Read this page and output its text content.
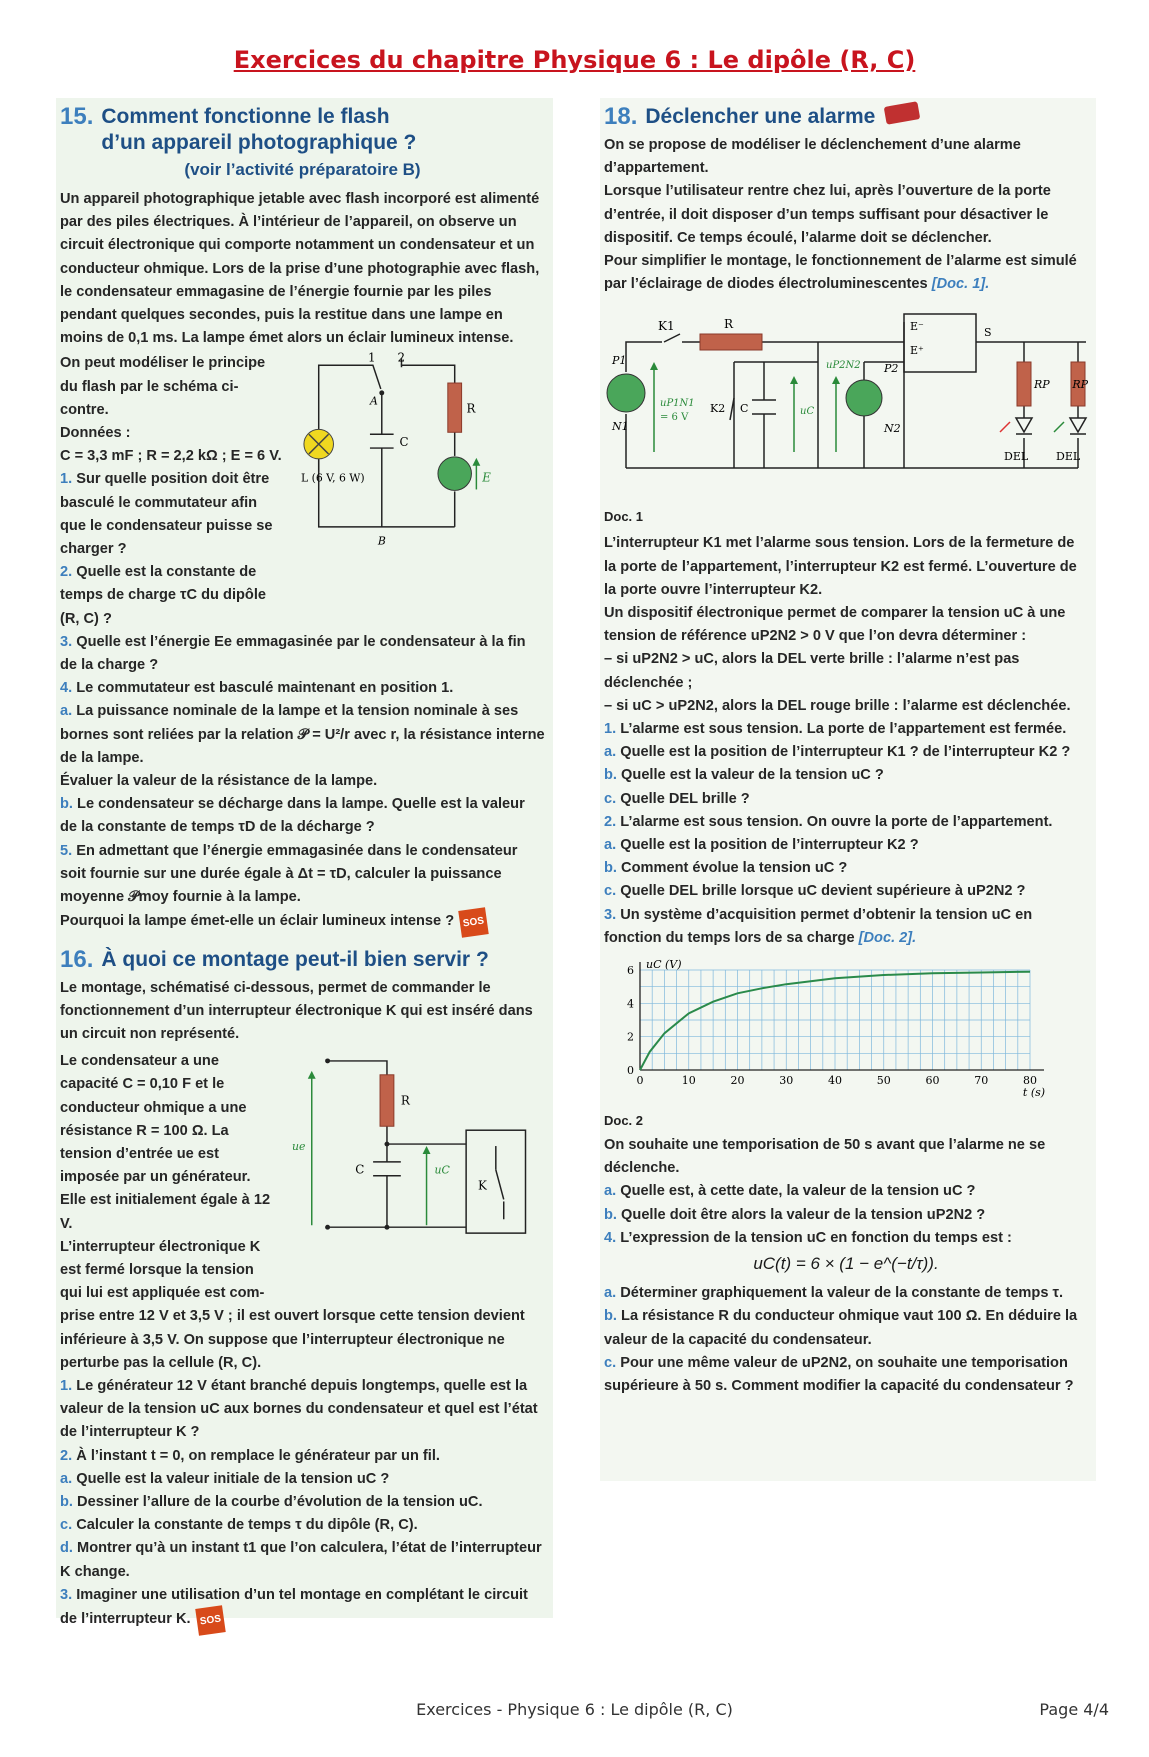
Exercices du chapitre Physique 6 : Le dipôle (R, C)
15. Comment fonctionne le flash
d’un appareil photographique ?
(voir l’activité préparatoire B)

Un appareil photographique jetable avec flash incorporé est alimenté par des piles électriques. À l’intérieur de l’appareil, on observe un circuit électronique qui comporte notamment un condensateur et un conducteur ohmique. Lors de la prise d’une photographie avec flash, le condensateur emmagasine de l’énergie fournie par les piles pendant quelques secondes, puis la restitue dans une lampe en moins de 0,1 ms. La lampe émet alors un éclair lumineux intense.

On peut modéliser le principe du flash par le schéma ci-contre.

Données :

C = 3,3 mF ; R = 2,2 kΩ ; E = 6 V.

1. Sur quelle position doit être basculé le commutateur afin que le condensateur puisse se charger ?

2. Quelle est la constante de temps de charge τC du dipôle (R, C) ?

1 2
A
B
C
R
L (6 V, 6 W)	E

3. Quelle est l’énergie Ee emmagasinée par le condensateur à la fin de la charge ?

4. Le commutateur est basculé maintenant en position 1.

a. La puissance nominale de la lampe et la tension nominale à ses bornes sont reliées par la relation 𝒫 = U²/r avec r, la résistance interne de la lampe.

Évaluer la valeur de la résistance de la lampe.

b. Le condensateur se décharge dans la lampe. Quelle est la valeur de la constante de temps τD de la décharge ?

5. En admettant que l’énergie emmagasinée dans le condensateur soit fournie sur une durée égale à Δt = τD, calculer la puissance moyenne 𝒫moy fournie à la lampe.

Pourquoi la lampe émet-elle un éclair lumineux intense ? SOS

16. À quoi ce montage peut-il bien servir ?

Le montage, schématisé ci-dessous, permet de commander le fonctionnement d’un interrupteur électronique K qui est inséré dans un circuit non représenté.

Le condensateur a une capacité C = 0,10 F et le conducteur ohmique a une résistance R = 100 Ω. La tension d’entrée ue est imposée par un générateur. Elle est initialement égale à 12 V.

L’interrupteur électronique K est fermé lorsque la tension qui lui est appliquée est com-

ue
R
C	uC
K

prise entre 12 V et 3,5 V ; il est ouvert lorsque cette tension devient inférieure à 3,5 V. On suppose que l’interrupteur électronique ne perturbe pas la cellule (R, C).

1. Le générateur 12 V étant branché depuis longtemps, quelle est la valeur de la tension uC aux bornes du condensateur et quel est l’état de l’interrupteur K ?

2. À l’instant t = 0, on remplace le générateur par un fil.

a. Quelle est la valeur initiale de la tension uC ?

b. Dessiner l’allure de la courbe d’évolution de la tension uC.

c. Calculer la constante de temps τ du dipôle (R, C).

d. Montrer qu’à un instant t1 que l’on calculera, l’état de l’interrupteur K change.

3. Imaginer une utilisation d’un tel montage en complétant le circuit de l’interrupteur K. SOS

18. Déclencher une alarme

On se propose de modéliser le déclenchement d’une alarme d’appartement.

Lorsque l’utilisateur rentre chez lui, après l’ouverture de la porte d’entrée, il doit disposer d’un temps suffisant pour désactiver le dispositif. Ce temps écoulé, l’alarme doit se déclencher.

Pour simplifier le montage, le fonctionnement de l’alarme est simulé par l’éclairage de diodes électroluminescentes [Doc. 1].

K1	R
P1
N1
uP1N1
= 6 V
K2 C	uC
uP2N2 P2
N2
E⁻
E⁺
S
RP RP
DEL	DEL
Doc. 1

L’interrupteur K1 met l’alarme sous tension. Lors de la fermeture de la porte de l’appartement, l’interrupteur K2 est fermé. L’ouverture de la porte ouvre l’interrupteur K2.

Un dispositif électronique permet de comparer la tension uC à une tension de référence uP2N2 > 0 V que l’on devra déterminer :

– si uP2N2 > uC, alors la DEL verte brille : l’alarme n’est pas déclenchée ;

– si uC > uP2N2, alors la DEL rouge brille : l’alarme est déclenchée.

1. L’alarme est sous tension. La porte de l’appartement est fermée.

a. Quelle est la position de l’interrupteur K1 ? de l’interrupteur K2 ?

b. Quelle est la valeur de la tension uC ?

c. Quelle DEL brille ?

2. L’alarme est sous tension. On ouvre la porte de l’appartement.

a. Quelle est la position de l’interrupteur K2 ?

b. Comment évolue la tension uC ?

c. Quelle DEL brille lorsque uC devient supérieure à uP2N2 ?

3. Un système d’acquisition permet d’obtenir la tension uC en fonction du temps lors de sa charge [Doc. 2].

0	10	20	30	40	50	60	70	80
0
2
4
6 uC (V)
t (s)
Doc. 2

On souhaite une temporisation de 50 s avant que l’alarme ne se déclenche.

a. Quelle est, à cette date, la valeur de la tension uC ?

b. Quelle doit être alors la valeur de la tension uP2N2 ?

4. L’expression de la tension uC en fonction du temps est :

uC(t) = 6 × (1 − e^(−t/τ)).

a. Déterminer graphiquement la valeur de la constante de temps τ.

b. La résistance R du conducteur ohmique vaut 100 Ω. En déduire la valeur de la capacité du condensateur.

c. Pour une même valeur de uP2N2, on souhaite une temporisation supérieure à 50 s. Comment modifier la capacité du condensateur ?

Exercices - Physique 6 : Le dipôle (R, C)	Page 4/4
